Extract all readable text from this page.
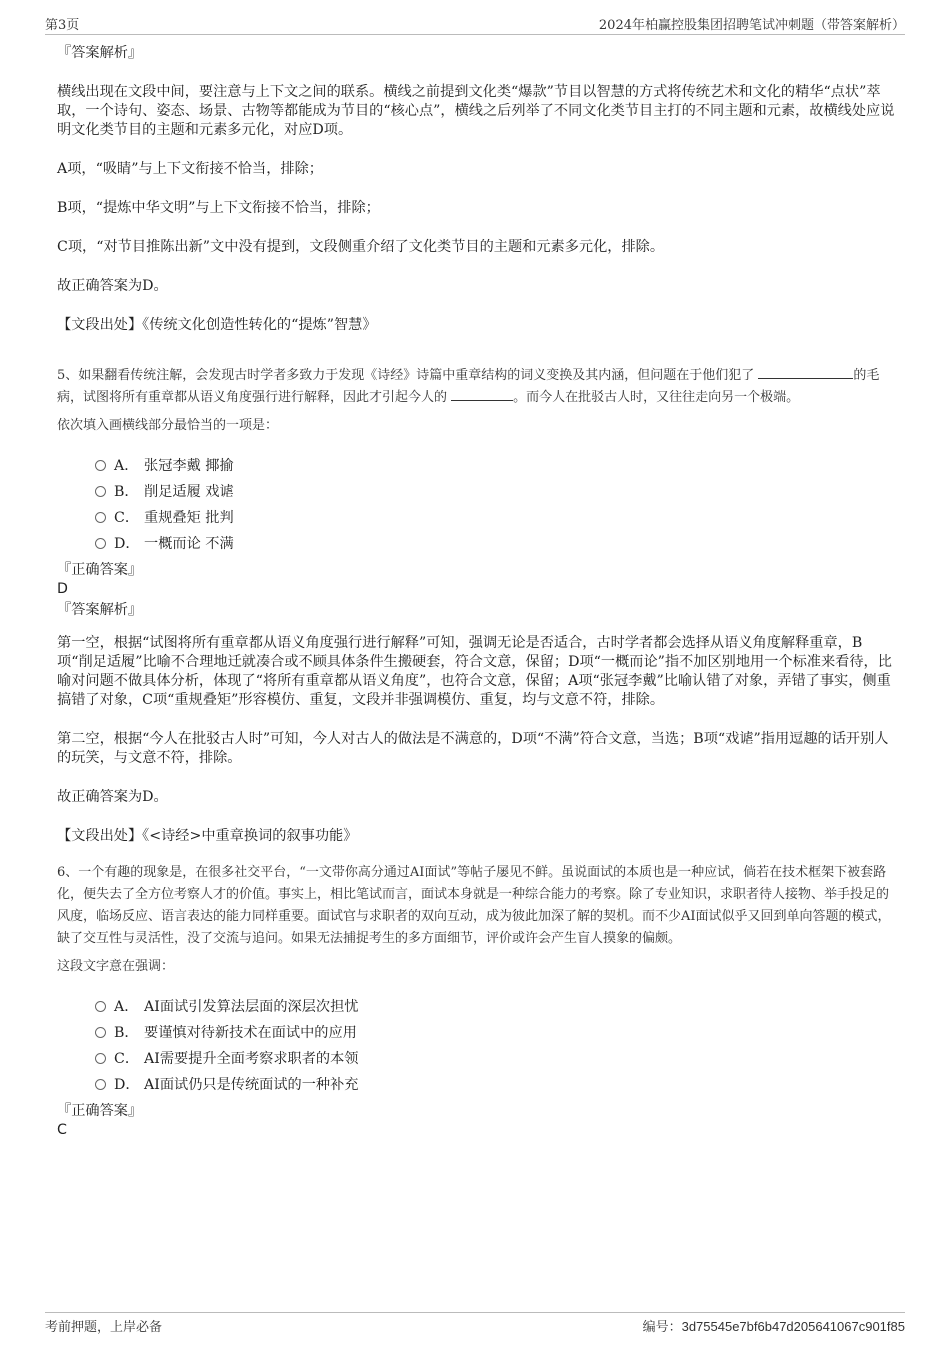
第3页	2024年柏赢控股集团招聘笔试冲刺题（带答案解析）

『答案解析』

横线出现在文段中间，要注意与上下文之间的联系。横线之前提到文化类“爆款”节目以智慧的方式将传统艺术和文化的精华“点状”萃取，一个诗句、姿态、场景、古物等都能成为节目的“核心点”，横线之后列举了不同文化类节目主打的不同主题和元素，故横线处应说明文化类节目的主题和元素多元化，对应D项。

A项，“吸睛”与上下文衔接不恰当，排除；

B项，“提炼中华文明”与上下文衔接不恰当，排除；

C项，“对节目推陈出新”文中没有提到，文段侧重介绍了文化类节目的主题和元素多元化，排除。

故正确答案为D。

【文段出处】《传统文化创造性转化的“提炼”智慧》

5、如果翻看传统注解，会发现古时学者多致力于发现《诗经》诗篇中重章结构的词义变换及其内涵，但问题在于他们犯了	的毛病，试图将所有重章都从语义角度强行进行解释，因此才引起今人的	。而今人在批驳古人时，又往往走向另一个极端。

依次填入画横线部分最恰当的一项是：

A． 张冠李戴 揶揄
B． 削足适履 戏谑
C． 重规叠矩 批判
D． 一概而论 不满

『正确答案』

D

『答案解析』

第一空，根据“试图将所有重章都从语义角度强行进行解释”可知，强调无论是否适合，古时学者都会选择从语义角度解释重章，B项“削足适履”比喻不合理地迁就凑合或不顾具体条件生搬硬套，符合文意，保留；D项“一概而论”指不加区别地用一个标准来看待，比喻对问题不做具体分析，体现了“将所有重章都从语义角度”，也符合文意，保留；A项“张冠李戴”比喻认错了对象，弄错了事实，侧重搞错了对象，C项“重规叠矩”形容模仿、重复，文段并非强调模仿、重复，均与文意不符，排除。

第二空，根据“今人在批驳古人时”可知，今人对古人的做法是不满意的，D项“不满”符合文意，当选；B项“戏谑”指用逗趣的话开别人的玩笑，与文意不符，排除。

故正确答案为D。

【文段出处】《<诗经>中重章换词的叙事功能》

6、一个有趣的现象是，在很多社交平台，“一文带你高分通过AI面试”等帖子屡见不鲜。虽说面试的本质也是一种应试，倘若在技术框架下被套路化，便失去了全方位考察人才的价值。事实上，相比笔试而言，面试本身就是一种综合能力的考察。除了专业知识，求职者待人接物、举手投足的风度，临场反应、语言表达的能力同样重要。面试官与求职者的双向互动，成为彼此加深了解的契机。而不少AI面试似乎又回到单向答题的模式，缺了交互性与灵活性，没了交流与追问。如果无法捕捉考生的多方面细节，评价或许会产生盲人摸象的偏颇。

这段文字意在强调：

A． AI面试引发算法层面的深层次担忧
B． 要谨慎对待新技术在面试中的应用
C． AI需要提升全面考察求职者的本领
D． AI面试仍只是传统面试的一种补充

『正确答案』

C

考前押题，上岸必备	编号：3d75545e7bf6b47d205641067c901f85
